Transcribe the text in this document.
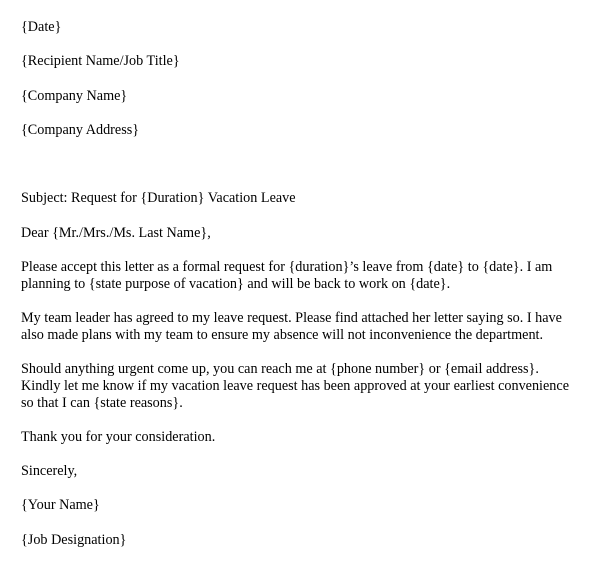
{Date}
{Recipient Name/Job Title}
{Company Name}
{Company Address}
Subject: Request for {Duration} Vacation Leave
Dear {Mr./Mrs./Ms. Last Name},
Please accept this letter as a formal request for {duration}’s leave from {date} to {date}. I am
planning to {state purpose of vacation} and will be back to work on {date}.
My team leader has agreed to my leave request. Please find attached her letter saying so. I have
also made plans with my team to ensure my absence will not inconvenience the department.
Should anything urgent come up, you can reach me at {phone number} or {email address}.
Kindly let me know if my vacation leave request has been approved at your earliest convenience
so that I can {state reasons}.
Thank you for your consideration.
Sincerely,
{Your Name}
{Job Designation}
